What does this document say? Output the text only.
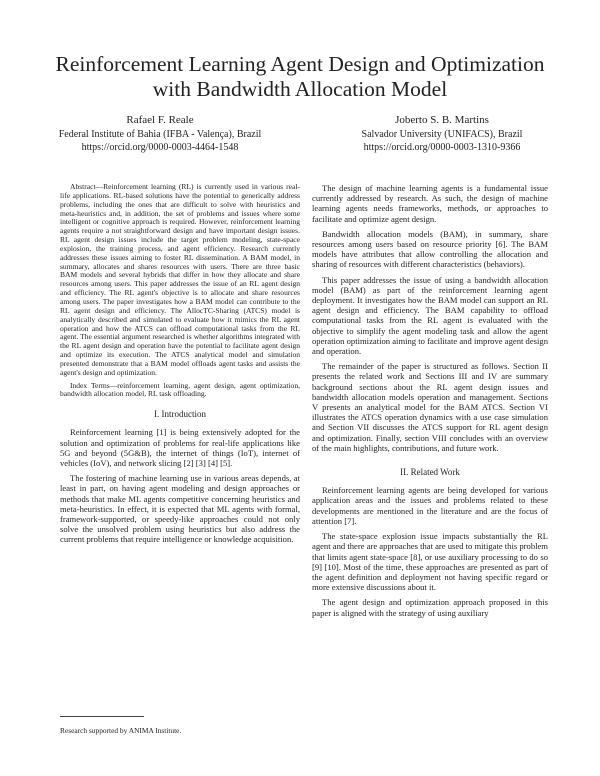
Reinforcement Learning Agent Design and Optimization with Bandwidth Allocation Model
Rafael F. Reale
Federal Institute of Bahia (IFBA - Valença), Brazil
https://orcid.org/0000-0003-4464-1548
Joberto S. B. Martins
Salvador University (UNIFACS), Brazil
https://orcid.org/0000-0003-1310-9366

Abstract—Reinforcement learning (RL) is currently used in various real-life applications. RL-based solutions have the potential to generically address problems, including the ones that are difficult to solve with heuristics and meta-heuristics and, in addition, the set of problems and issues where some intelligent or cognitive approach is required. However, reinforcement learning agents require a not straightforward design and have important design issues. RL agent design issues include the target problem modeling, state-space explosion, the training process, and agent efficiency. Research currently addresses these issues aiming to foster RL dissemination. A BAM model, in summary, allocates and shares resources with users. There are three basic BAM models and several hybrids that differ in how they allocate and share resources among users. This paper addresses the issue of an RL agent design and efficiency. The RL agent's objective is to allocate and share resources among users. The paper investigates how a BAM model can contribute to the RL agent design and efficiency. The AllocTC-Sharing (ATCS) model is analytically described and simulated to evaluate how it mimics the RL agent operation and how the ATCS can offload computational tasks from the RL agent. The essential argument researched is whether algorithms integrated with the RL agent design and operation have the potential to facilitate agent design and optimize its execution. The ATCS analytical model and simulation presented demonstrate that a BAM model offloads agent tasks and assists the agent's design and optimization.

Index Terms—reinforcement learning, agent design, agent optimization, bandwidth allocation model, RL task offloading.

I. Introduction

Reinforcement learning [1] is being extensively adopted for the solution and optimization of problems for real-life applications like 5G and beyond (5G&B), the internet of things (IoT), internet of vehicles (IoV), and network slicing [2] [3] [4] [5].

The fostering of machine learning use in various areas depends, at least in part, on having agent modeling and design approaches or methods that make ML agents competitive concerning heuristics and meta-heuristics. In effect, it is expected that ML agents with formal, framework-supported, or speedy-like approaches could not only solve the unsolved problem using heuristics but also address the current problems that require intelligence or knowledge acquisition.

Research supported by ANIMA Institute.

The design of machine learning agents is a fundamental issue currently addressed by research. As such, the design of machine learning agents needs frameworks, methods, or approaches to facilitate and optimize agent design.

Bandwidth allocation models (BAM), in summary, share resources among users based on resource priority [6]. The BAM models have attributes that allow controlling the allocation and sharing of resources with different characteristics (behaviors).

This paper addresses the issue of using a bandwidth allocation model (BAM) as part of the reinforcement learning agent deployment. It investigates how the BAM model can support an RL agent design and efficiency. The BAM capability to offload computational tasks from the RL agent is evaluated with the objective to simplify the agent modeling task and allow the agent operation optimization aiming to facilitate and improve agent design and operation.

The remainder of the paper is structured as follows. Section II presents the related work and Sections III and IV are summary background sections about the RL agent design issues and bandwidth allocation models operation and management. Sections V presents an analytical model for the BAM ATCS. Section VI illustrates the ATCS operation dynamics with a use case simulation and Section VII discusses the ATCS support for RL agent design and optimization. Finally, section VIII concludes with an overview of the main highlights, contributions, and future work.

II. Related Work

Reinforcement learning agents are being developed for various application areas and the issues and problems related to these developments are mentioned in the literature and are the focus of attention [7].

The state-space explosion issue impacts substantially the RL agent and there are approaches that are used to mitigate this problem that limits agent state-space [8], or use auxiliary processing to do so [9] [10]. Most of the time, these approaches are presented as part of the agent definition and deployment not having specific regard or more extensive discussions about it.

The agent design and optimization approach proposed in this paper is aligned with the strategy of using auxiliary
